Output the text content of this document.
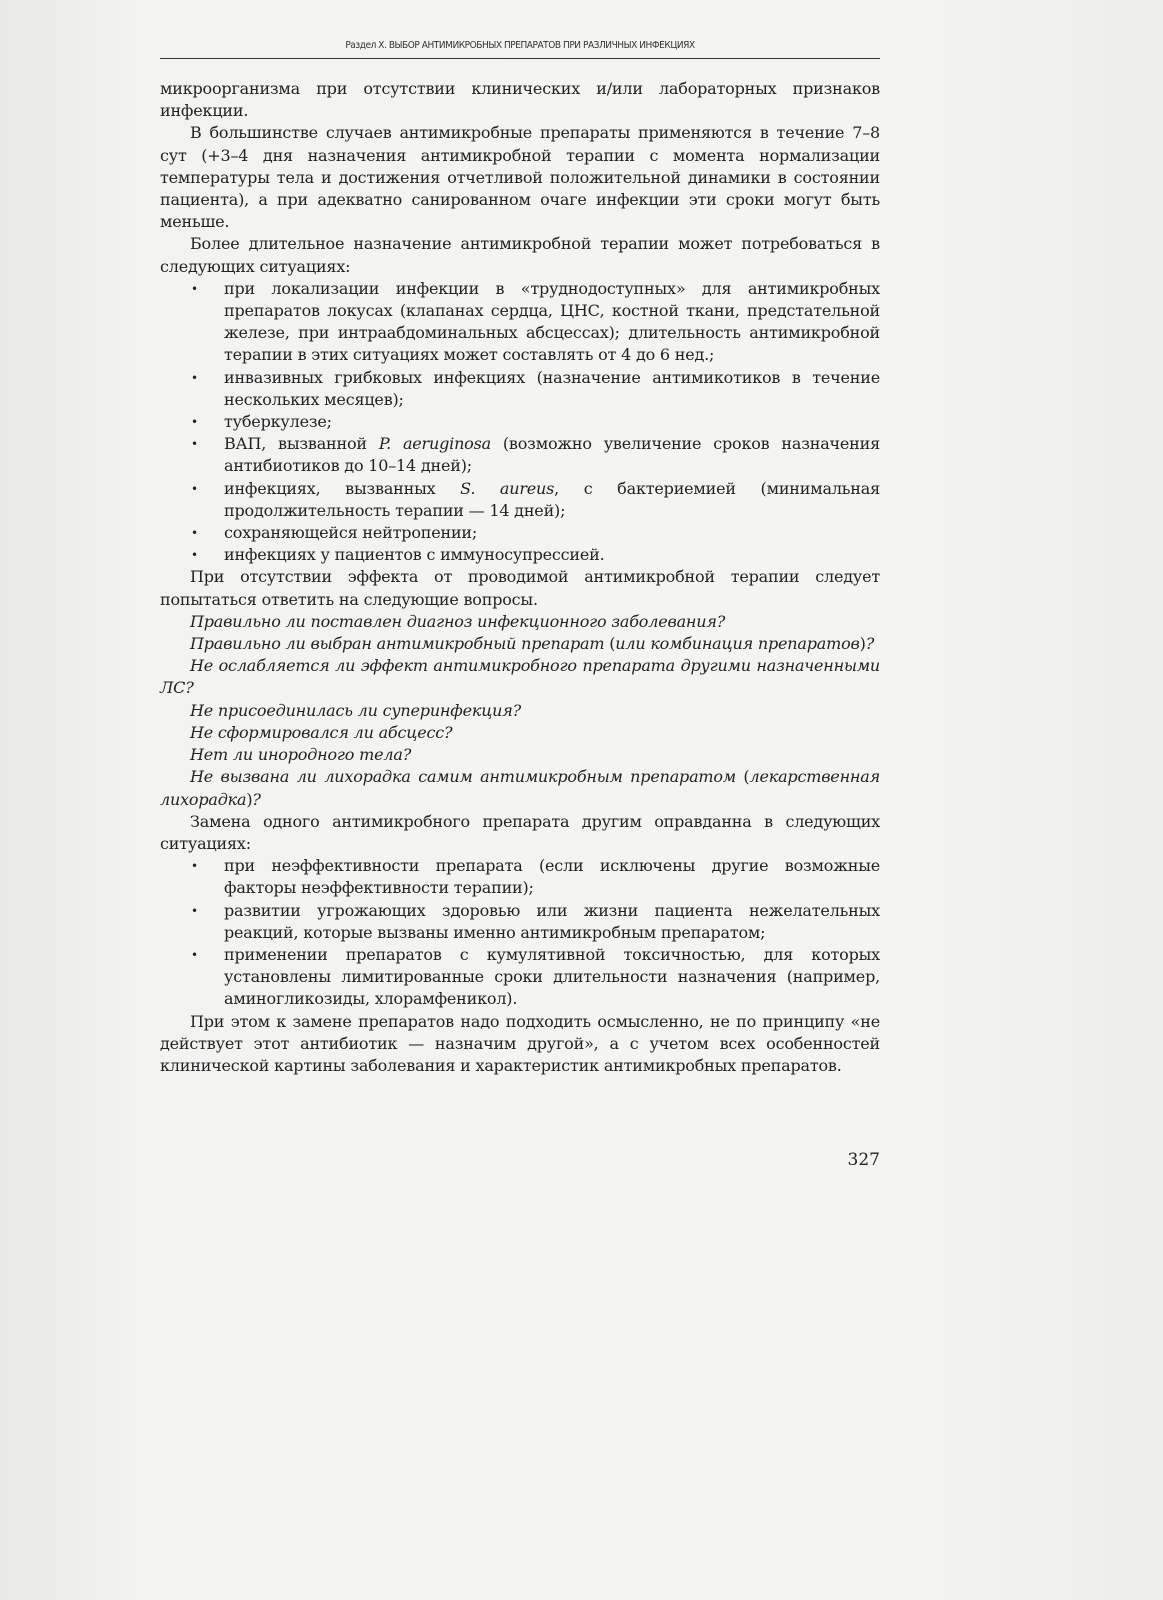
Раздел X. ВЫБОР АНТИМИКРОБНЫХ ПРЕПАРАТОВ ПРИ РАЗЛИЧНЫХ ИНФЕКЦИЯХ

микроорганизма при отсутствии клинических и/или лабораторных признаков инфекции.

В большинстве случаев антимикробные препараты применяются в течение 7–8 сут (+3–4 дня назначения антимикробной терапии с момента нормализации температуры тела и достижения отчетливой положительной динамики в состоянии пациента), а при адекватно санированном очаге инфекции эти сроки могут быть меньше.

Более длительное назначение антимикробной терапии может потребоваться в следующих ситуациях:

• при локализации инфекции в «труднодоступных» для антимикробных препаратов локусах (клапанах сердца, ЦНС, костной ткани, предстательной железе, при интраабдоминальных абсцессах); длительность антимикробной терапии в этих ситуациях может составлять от 4 до 6 нед.;
• инвазивных грибковых инфекциях (назначение антимикотиков в течение нескольких месяцев);
• туберкулезе;
• ВАП, вызванной P. aeruginosa (возможно увеличение сроков назначения антибиотиков до 10–14 дней);
• инфекциях, вызванных S. aureus, с бактериемией (минимальная продолжительность терапии — 14 дней);
• сохраняющейся нейтропении;
• инфекциях у пациентов с иммуносупрессией.

При отсутствии эффекта от проводимой антимикробной терапии следует попытаться ответить на следующие вопросы.

Правильно ли поставлен диагноз инфекционного заболевания?

Правильно ли выбран антимикробный препарат (или комбинация препаратов)?

Не ослабляется ли эффект антимикробного препарата другими назначенными ЛС?

Не присоединилась ли суперинфекция?

Не сформировался ли абсцесс?

Нет ли инородного тела?

Не вызвана ли лихорадка самим антимикробным препаратом (лекарственная лихорадка)?

Замена одного антимикробного препарата другим оправданна в следующих ситуациях:

• при неэффективности препарата (если исключены другие возможные факторы неэффективности терапии);
• развитии угрожающих здоровью или жизни пациента нежелательных реакций, которые вызваны именно антимикробным препаратом;
• применении препаратов с кумулятивной токсичностью, для которых установлены лимитированные сроки длительности назначения (например, аминогликозиды, хлорамфеникол).

При этом к замене препаратов надо подходить осмысленно, не по принципу «не действует этот антибиотик — назначим другой», а с учетом всех особенностей клинической картины заболевания и характеристик антимикробных препаратов.

327
